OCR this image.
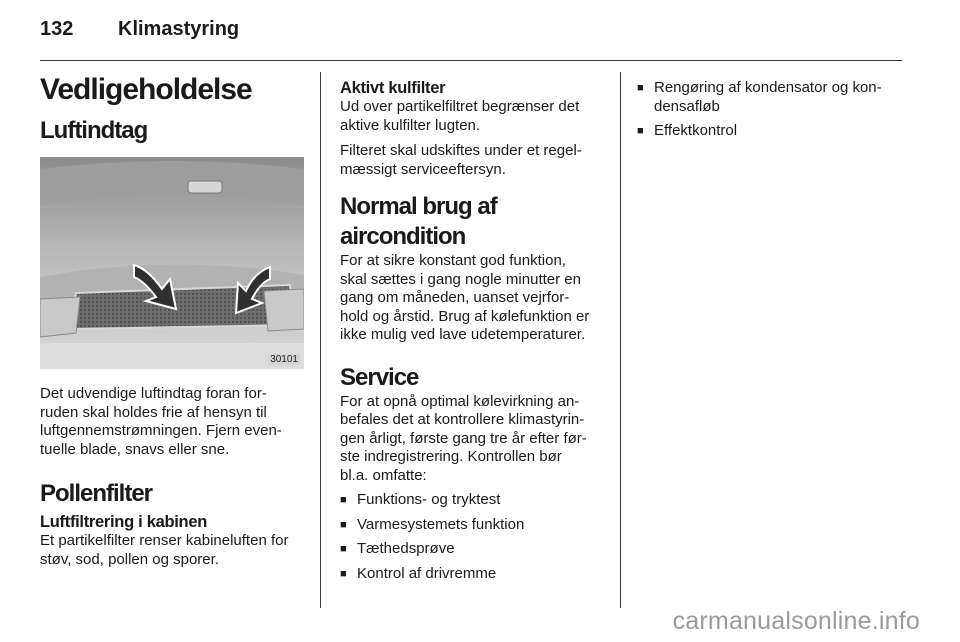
132 Klimastyring
Vedligeholdelse
Luftindtag
30101

Det udvendige luftindtag foran for-
ruden skal holdes frie af hensyn til
luftgennemstrømningen. Fjern even-
tuelle blade, snavs eller sne.

Pollenfilter
Luftfiltrering i kabinen

Et partikelfilter renser kabineluften for
støv, sod, pollen og sporer.

Aktivt kulfilter

Ud over partikelfiltret begrænser det
aktive kulfilter lugten.

Filteret skal udskiftes under et regel-
mæssigt serviceeftersyn.

Normal brug af aircondition

For at sikre konstant god funktion,
skal sættes i gang nogle minutter en
gang om måneden, uanset vejrfor-
hold og årstid. Brug af kølefunktion er
ikke mulig ved lave udetemperaturer.

Service

For at opnå optimal kølevirkning an-
befales det at kontrollere klimastyrin-
gen årligt, første gang tre år efter før-
ste indregistrering. Kontrollen bør
bl.a. omfatte:

■ Funktions- og tryktest
■ Varmesystemets funktion
■ Tæthedsprøve
■ Kontrol af drivremme
■ Rengøring af kondensator og kon-
densafløb
■ Effektkontrol
carmanualsonline.info
